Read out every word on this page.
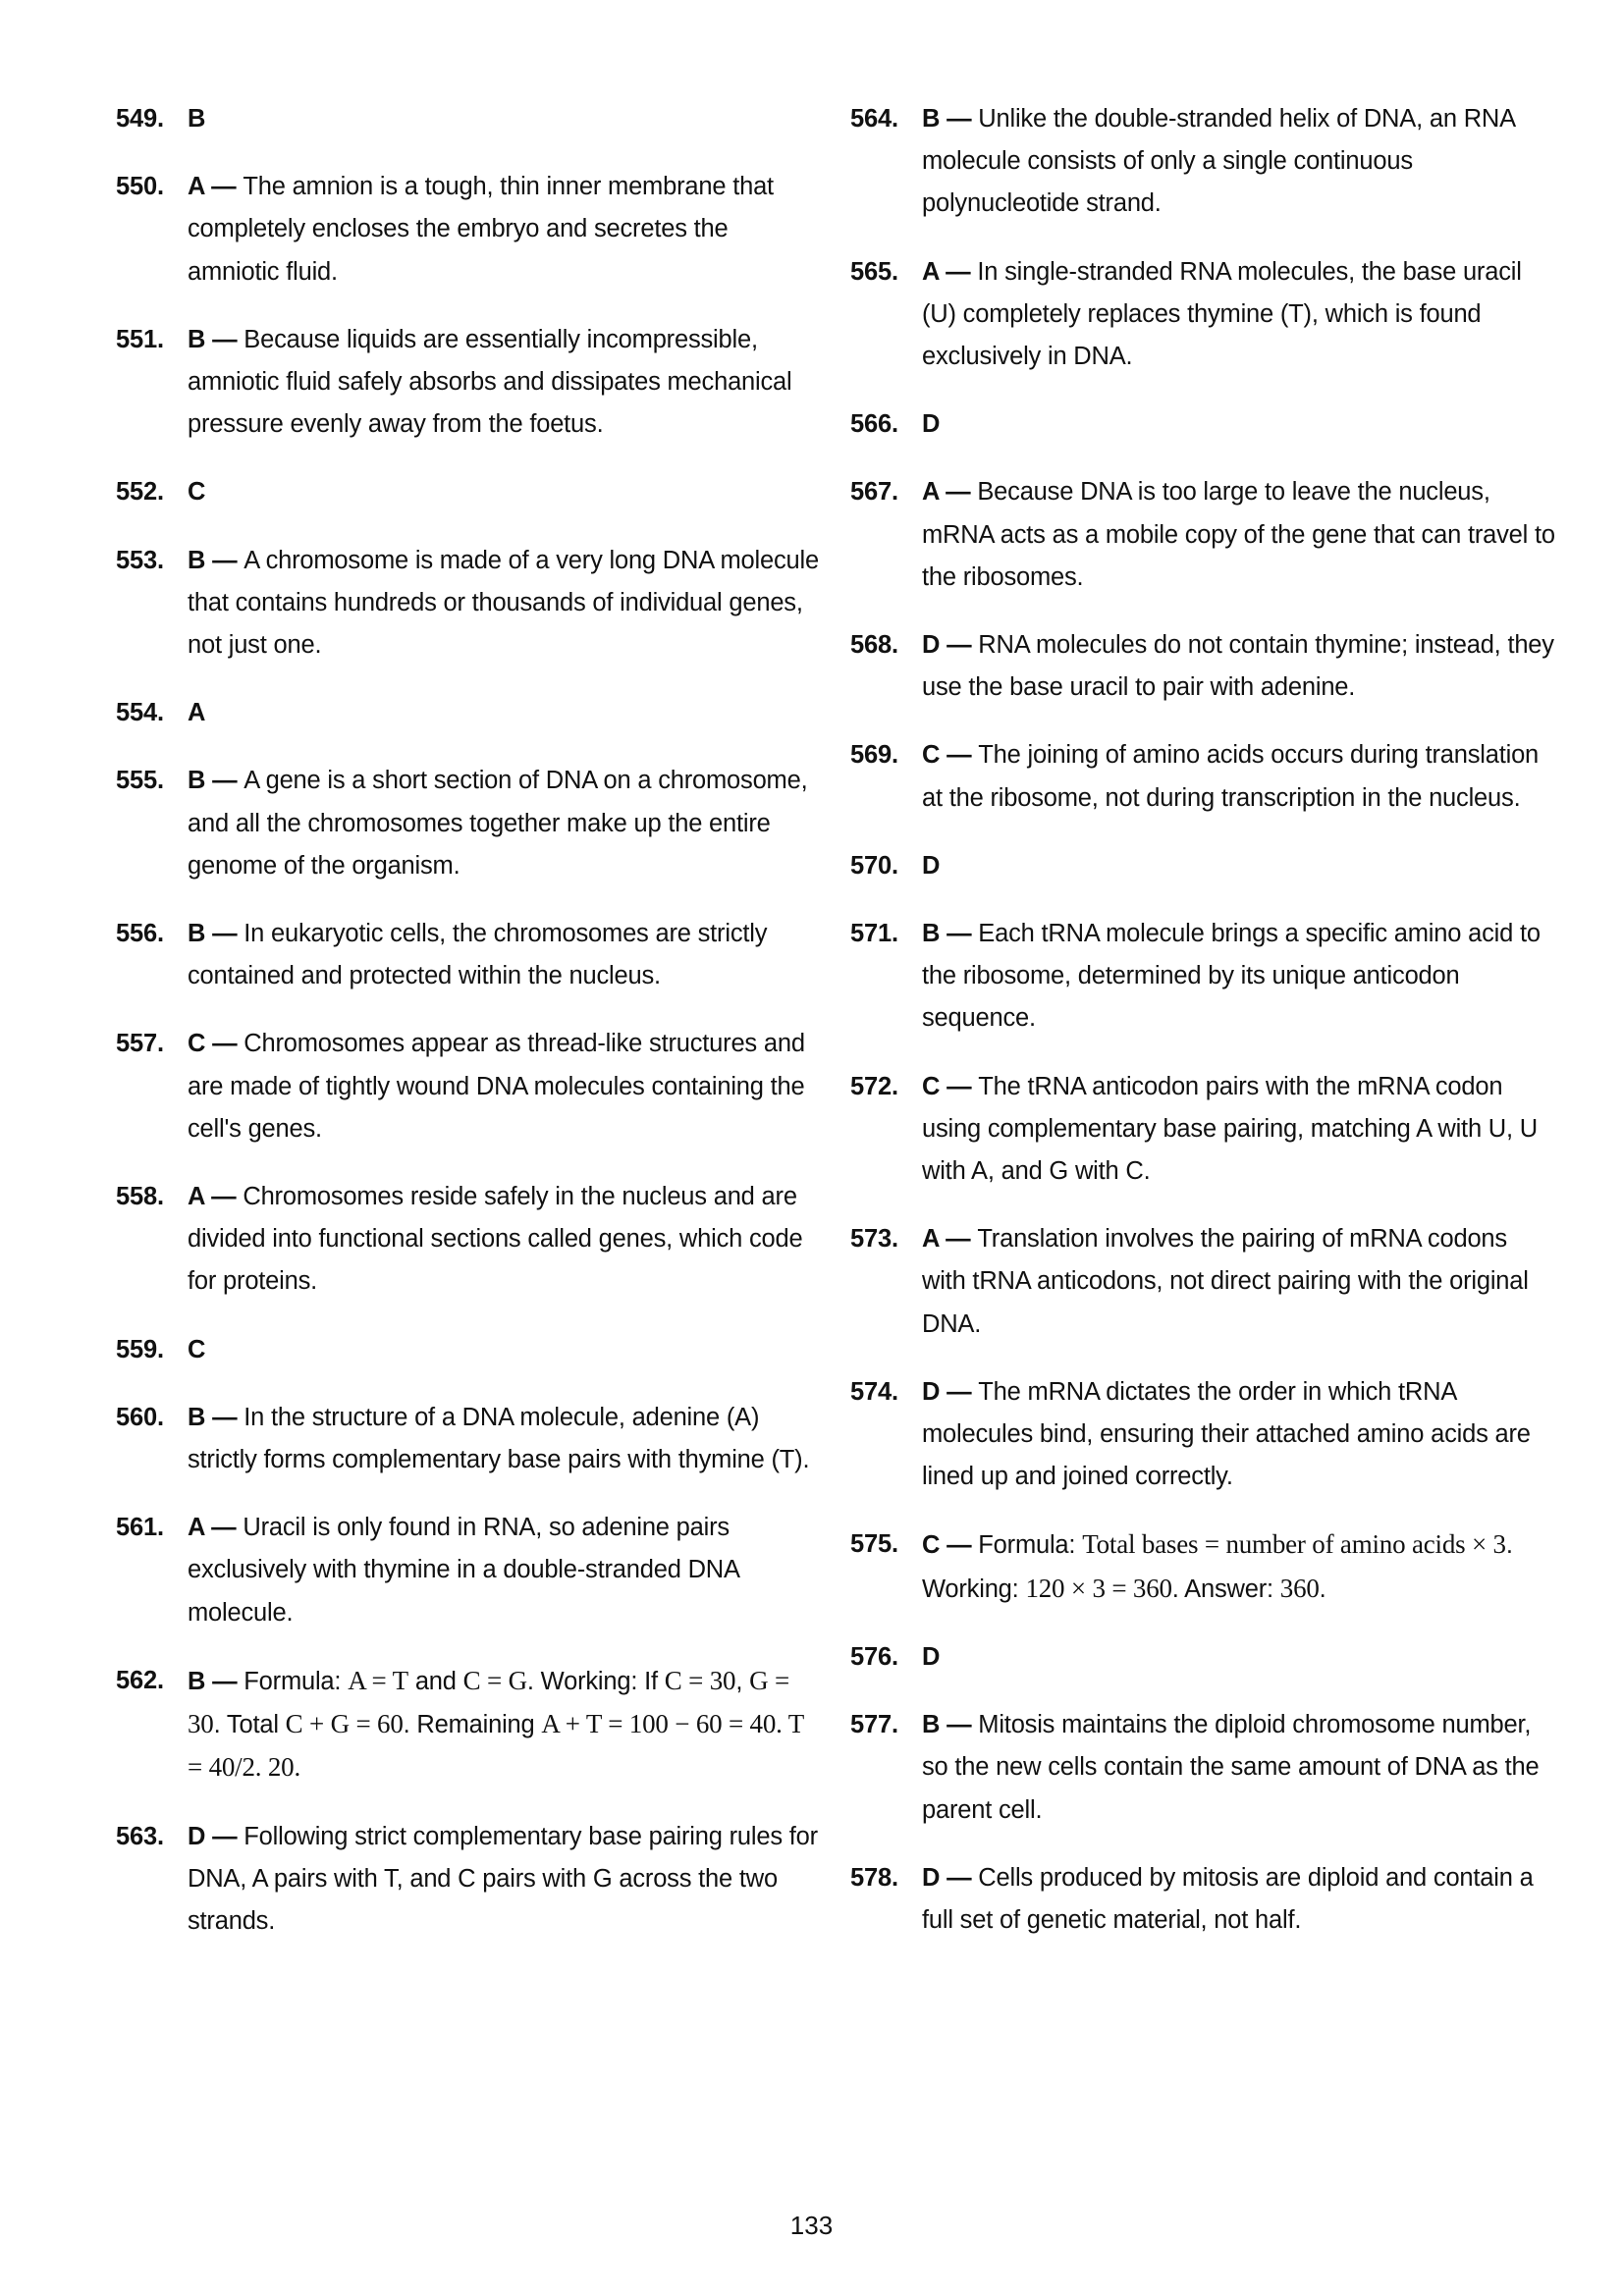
549. B
550. A — The amnion is a tough, thin inner membrane that completely encloses the embryo and secretes the amniotic fluid.
551. B — Because liquids are essentially incompressible, amniotic fluid safely absorbs and dissipates mechanical pressure evenly away from the foetus.
552. C
553. B — A chromosome is made of a very long DNA molecule that contains hundreds or thousands of individual genes, not just one.
554. A
555. B — A gene is a short section of DNA on a chromosome, and all the chromosomes together make up the entire genome of the organism.
556. B — In eukaryotic cells, the chromosomes are strictly contained and protected within the nucleus.
557. C — Chromosomes appear as thread-like structures and are made of tightly wound DNA molecules containing the cell's genes.
558. A — Chromosomes reside safely in the nucleus and are divided into functional sections called genes, which code for proteins.
559. C
560. B — In the structure of a DNA molecule, adenine (A) strictly forms complementary base pairs with thymine (T).
561. A — Uracil is only found in RNA, so adenine pairs exclusively with thymine in a double-stranded DNA molecule.
562. B — Formula: A = T and C = G. Working: If C = 30, G = 30. Total C + G = 60. Remaining A + T = 100 − 60 = 40. T = 40/2. 20.
563. D — Following strict complementary base pairing rules for DNA, A pairs with T, and C pairs with G across the two strands.
564. B — Unlike the double-stranded helix of DNA, an RNA molecule consists of only a single continuous polynucleotide strand.
565. A — In single-stranded RNA molecules, the base uracil (U) completely replaces thymine (T), which is found exclusively in DNA.
566. D
567. A — Because DNA is too large to leave the nucleus, mRNA acts as a mobile copy of the gene that can travel to the ribosomes.
568. D — RNA molecules do not contain thymine; instead, they use the base uracil to pair with adenine.
569. C — The joining of amino acids occurs during translation at the ribosome, not during transcription in the nucleus.
570. D
571. B — Each tRNA molecule brings a specific amino acid to the ribosome, determined by its unique anticodon sequence.
572. C — The tRNA anticodon pairs with the mRNA codon using complementary base pairing, matching A with U, U with A, and G with C.
573. A — Translation involves the pairing of mRNA codons with tRNA anticodons, not direct pairing with the original DNA.
574. D — The mRNA dictates the order in which tRNA molecules bind, ensuring their attached amino acids are lined up and joined correctly.
575. C — Formula: Total bases = number of amino acids × 3. Working: 120 × 3 = 360. Answer: 360.
576. D
577. B — Mitosis maintains the diploid chromosome number, so the new cells contain the same amount of DNA as the parent cell.
578. D — Cells produced by mitosis are diploid and contain a full set of genetic material, not half.
133
